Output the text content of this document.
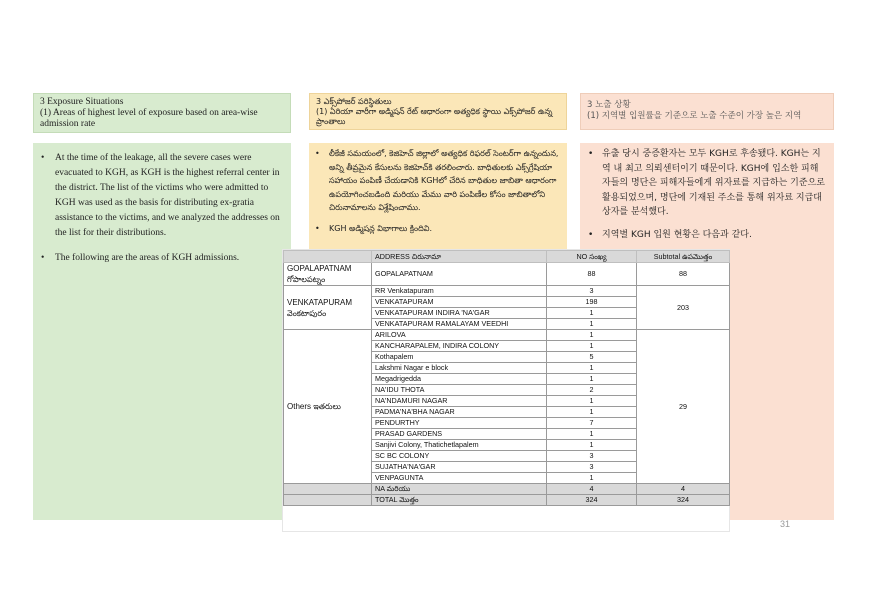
3 Exposure Situations
(1) Areas of highest level of exposure based on area-wise admission rate
3 ఎక్స్‌పోజర్ పరిస్థితులు
(1) ఏరియా వారీగా అడ్మిషన్ రేట్ ఆధారంగా అత్యధిక స్థాయి ఎక్స్‌పోజర్ ఉన్న ప్రాంతాలు
3 노출 상황
(1) 지역별 입원률을 기준으로 노출 수준이 가장 높은 지역
• At the time of the leakage, all the severe cases were evacuated to KGH, as KGH is the highest referral center in the district. The list of the victims who were admitted to KGH was used as the basis for distributing ex-gratia assistance to the victims, and we analyzed the addresses on the list for their distributions.
• The following are the areas of KGH admissions.
• లీకేజీ సమయంలో, కెజిహెచ్ జిల్లాలో అత్యధిక రిఫరల్ సెంటర్‌గా ఉన్నందున, అన్ని తీవ్రమైన కేసులను కెజిహెచ్‌కి తరలించారు. బాధితులకు ఎక్స్‌గ్రేషియా సహాయం పంపిణీ చేయడానికి KGHలో చేరిన బాధితుల జాబితా ఆధారంగా ఉపయోగించబడింది మరియు మేము వారి పంపిణీల కోసం జాబితాలోని చిరునామాలను విశ్లేషించాము.
• KGH అడ్మిషన్ల విభాగాలు క్రిందివి.
• 유출 당시 중증환자는 모두 KGH로 후송됐다. KGH는 지역 내 최고 의뢰센터이기 때문이다. KGH에 입소한 피해자들의 명단은 피해자들에게 위자료를 지급하는 기준으로 활용되었으며, 명단에 기재된 주소를 통해 위자료 지급대상자를 분석했다.
• 지역별 KGH 입원 현황은 다음과 같다.
	ADDRESS చిరునామా	NO సంఖ్య	Subtotal ఉపమొత్తం

GOPALAPATNAM
గోపాలపట్నం	GOPALAPATNAM	88	88
VENKATAPURAM
వెంకటాపురం	RR Venkatapuram	3	203
	VENKATAPURAM	198	
	VENKATAPURAM INDIRA 'NA'GAR	1	
	VENKATAPURAM RAMALAYAM VEEDHI	1	
Others ఇతరులు	ARILOVA	1	29
	KANCHARAPALEM, INDIRA COLONY	1	
	Kothapalem	5	
	Lakshmi Nagar e block	1	
	Megadrigedda	1	
	NA'IDU THOTA	2	
	NA'NDAMURI NAGAR	1	
	PADMA'NA'BHA NAGAR	1	
	PENDURTHY	7	
	PRASAD GARDENS	1	
	Sanjivi Colony, Thatichetlapalem	1	
	SC BC COLONY	3	
	SUJATHA'NA'GAR	3	
	VENPAGUNTA	1	
	NA మరియు	4	4
	TOTAL మొత్తం	324	324
31
